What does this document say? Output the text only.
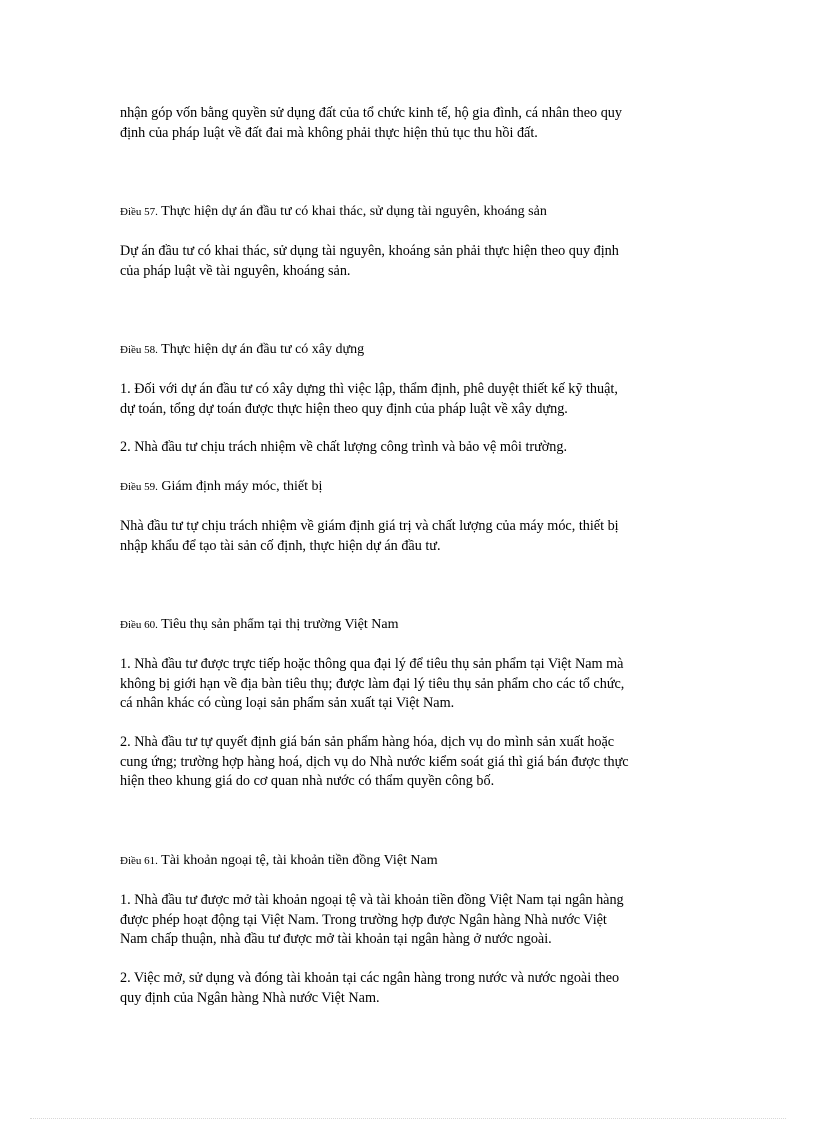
nhận góp vốn bằng quyền sử dụng đất của tổ chức kinh tế, hộ gia đình, cá nhân theo quy
định của pháp luật về đất đai mà không phải thực hiện thủ tục thu hồi đất.

Điều 57. Thực hiện dự án đầu tư có khai thác, sử dụng tài nguyên, khoáng sản

Dự án đầu tư có khai thác, sử dụng tài nguyên, khoáng sản phải thực hiện theo quy định
của pháp luật về tài nguyên, khoáng sản.

Điều 58. Thực hiện dự án đầu tư có xây dựng

1. Đối với dự án đầu tư có xây dựng thì việc lập, thẩm định, phê duyệt thiết kế kỹ thuật,
dự toán, tổng dự toán được thực hiện theo quy định của pháp luật về xây dựng.

2. Nhà đầu tư chịu trách nhiệm về chất lượng công trình và bảo vệ môi trường.

Điều 59. Giám định máy móc, thiết bị

Nhà đầu tư tự chịu trách nhiệm về giám định giá trị và chất lượng của máy móc, thiết bị
nhập khẩu để tạo tài sản cố định, thực hiện dự án đầu tư.

Điều 60. Tiêu thụ sản phẩm tại thị trường Việt Nam

1. Nhà đầu tư được trực tiếp hoặc thông qua đại lý để tiêu thụ sản phẩm tại Việt Nam mà
không bị giới hạn về địa bàn tiêu thụ; được làm đại lý tiêu thụ sản phẩm cho các tổ chức,
cá nhân khác có cùng loại sản phẩm sản xuất tại Việt Nam.

2. Nhà đầu tư tự quyết định giá bán sản phẩm hàng hóa, dịch vụ do mình sản xuất hoặc
cung ứng; trường hợp hàng hoá, dịch vụ do Nhà nước kiểm soát giá thì giá bán được thực
hiện theo khung giá do cơ quan nhà nước có thẩm quyền công bố.

Điều 61. Tài khoản ngoại tệ, tài khoản tiền đồng Việt Nam

1. Nhà đầu tư được mở tài khoản ngoại tệ và tài khoản tiền đồng Việt Nam tại ngân hàng
được phép hoạt động tại Việt Nam. Trong trường hợp được Ngân hàng Nhà nước Việt
Nam chấp thuận, nhà đầu tư được mở tài khoản tại ngân hàng ở nước ngoài.

2. Việc mở, sử dụng và đóng tài khoản tại các ngân hàng trong nước và nước ngoài theo
quy định của Ngân hàng Nhà nước Việt Nam.
